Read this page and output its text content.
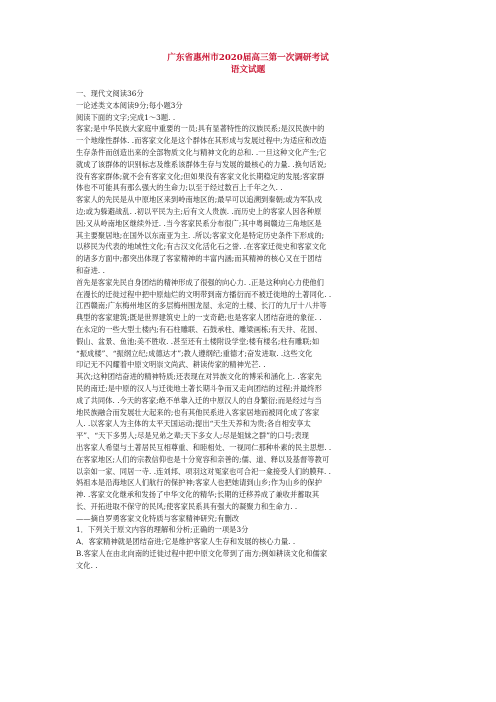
广东省惠州市2020届高三第一次调研考试

语文试题

一、现代文阅读36分
一论述类文本阅读9分;每小题3分
阅读下面的文字;完成1～3题. .
客家;是中华民族大家庭中重要的一员;具有显著特性的汉族民系;是汉民族中的
一个地缘性群体. .而客家文化是这个群体在其形成与发展过程中;为适应和改造
生存条件而创造出来的全部物质文化与精神文化的总和. .一旦这种文化产生;它
就成了该群体的识别标志及维系该群体生存与发展的最核心的力量. .换句话说;
没有客家群体;就不会有客家文化;但如果没有客家文化长期稳定的发展;客家群
体也不可能具有那么强大的生命力;以至于经过数百上千年之久. .
客家人的先民是从中原地区来到岭南地区的;最早可以追溯到秦朝;或为军队戍
边;或为躲避战乱. .初以平民为主;后有文人贵族. .而历史上的客家人因各种原
因;又从岭南地区继续外迁. .当今客家民系分布很广;其中粤闽赣边三角地区是
其主要聚居地;在国外以东南亚为主. .所以;客家文化是特定历史条件下形成的;
以移民为代表的地域性文化;有古汉文化活化石之誉. .在客家迁徙史和客家文化
的诸多方面中;都突出体现了客家精神的丰富内涵;而其精神的核心又在于团结
和奋进. .
首先是客家先民自身团结的精神形成了很强的向心力. .正是这种向心力使他们
在漫长的迁徙过程中把中原灿烂的文明带到南方播衍而不被迁徙地的土著同化. .
江西赣南;广东梅州地区的多层梅州围龙屋、永定的土楼、长汀的九厅十八井等
典型的客家建筑;既是世界建筑史上的一支奇葩;也是客家人团结奋进的象征. .
在永定的一些大型土楼内;有石柱雕联、石鼓承柱、雕梁画栋;有天井、花园、
假山、盆景、鱼池;美不胜收. .甚至还有土楼附设学堂;楼有楼名;柱有雕联;如
“振成楼”、“振纲立纪;成德达才”;教人遵纲纪;重德才;奋发进取. .这些文化
印记无不闪耀着中原文明崇文尚武、耕读传家的精神光芒. .
其次;这种团结奋进的精神特质;还表现在对异族文化的博采和涵化上. .客家先
民的南迁;是中原的汉人与迁徙地土著长期斗争而又走向团结的过程;并最终形
成了共同体. .今天的客家;绝不单靠入迁的中原汉人的自身繁衍;而是经过与当
地民族融合而发展壮大起来的;也有其他民系进入客家居地而被同化成了客家
人. .以客家人为主体的太平天国运动;提出“天生天养和为贵;各自相安享太
平”、“天下多男人;尽是兄弟之辈;天下多女人;尽是姐妹之群”的口号;表现
出客家人希望与土著居民互相尊重、和睦相处、一视同仁那种朴素的民主思想. .
在客家地区;人们的宗教信仰也是十分宽容和亲善的;儒、道、释以及基督等教可
以亲如一家、同居一寺. .连刘邦、项羽这对冤家也可合祀一龛接受人们的膜拜. .
妈祖本是沿海地区人们航行的保护神;客家人也把她请到山乡;作为山乡的保护
神. .客家文化继承和发扬了中华文化的精华;长期的迁移养成了兼收并蓄取其
长、开拓进取不保守的民风;使客家民系具有强大的凝聚力和生命力. .
——摘自罗勇客家文化特质与客家精神研究;有删改
1．下列关于原文内容的理解和分析;正确的一项是3分
A．客家精神就是团结奋进;它是维护客家人生存和发展的核心力量. .
B.客家人在由北向南的迁徙过程中把中原文化带到了南方;例如耕读文化和儒家
文化. .
